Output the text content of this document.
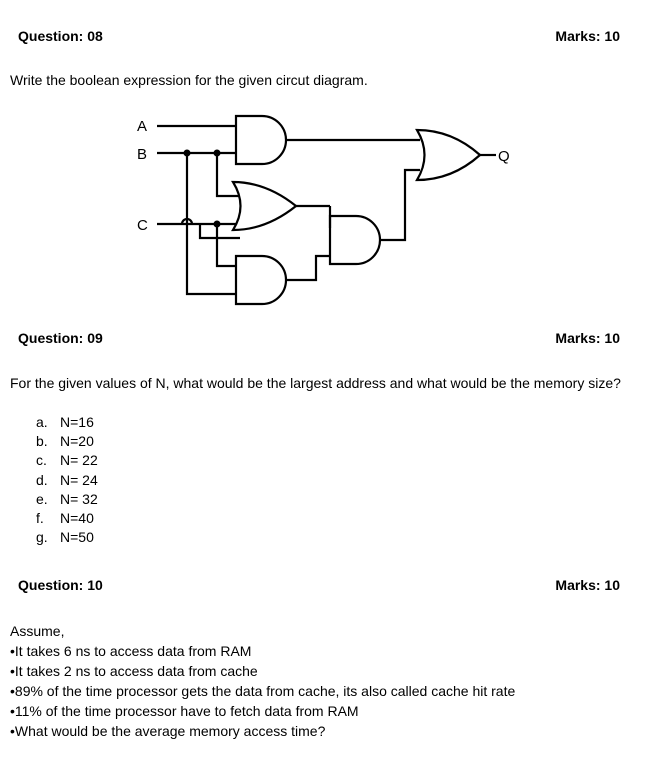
Question: 08	Marks: 10
Write the boolean expression for the given circut diagram.
A
B
C
Q
Question: 09	Marks: 10
For the given values of N, what would be the largest address and what would be the memory size?
a. N=16
b. N=20
c. N= 22
d. N= 24
e. N= 32
f.	N=40
g. N=50
Question: 10	Marks: 10
Assume,
•It takes 6 ns to access data from RAM
•It takes 2 ns to access data from cache
•89% of the time processor gets the data from cache, its also called cache hit rate
•11% of the time processor have to fetch data from RAM
•What would be the average memory access time?
